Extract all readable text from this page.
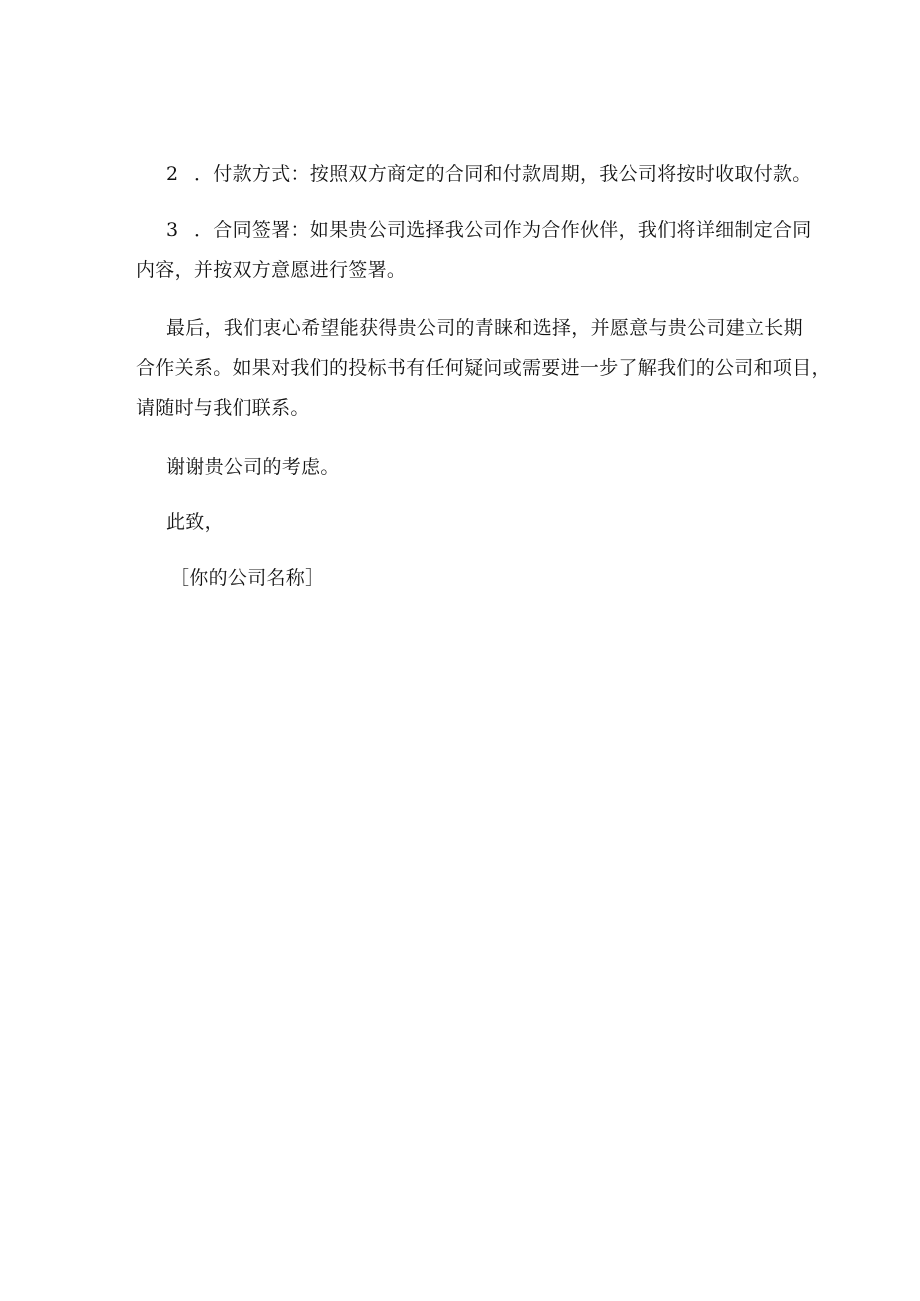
2 ．付款方式：按照双方商定的合同和付款周期，我公司将按时收取付款。
3 ．合同签署：如果贵公司选择我公司作为合作伙伴，我们将详细制定合同
内容，并按双方意愿进行签署。
最后，我们衷心希望能获得贵公司的青睐和选择，并愿意与贵公司建立长期
合作关系。如果对我们的投标书有任何疑问或需要进一步了解我们的公司和项目，
请随时与我们联系。
谢谢贵公司的考虑。
此致，
［你的公司名称］
